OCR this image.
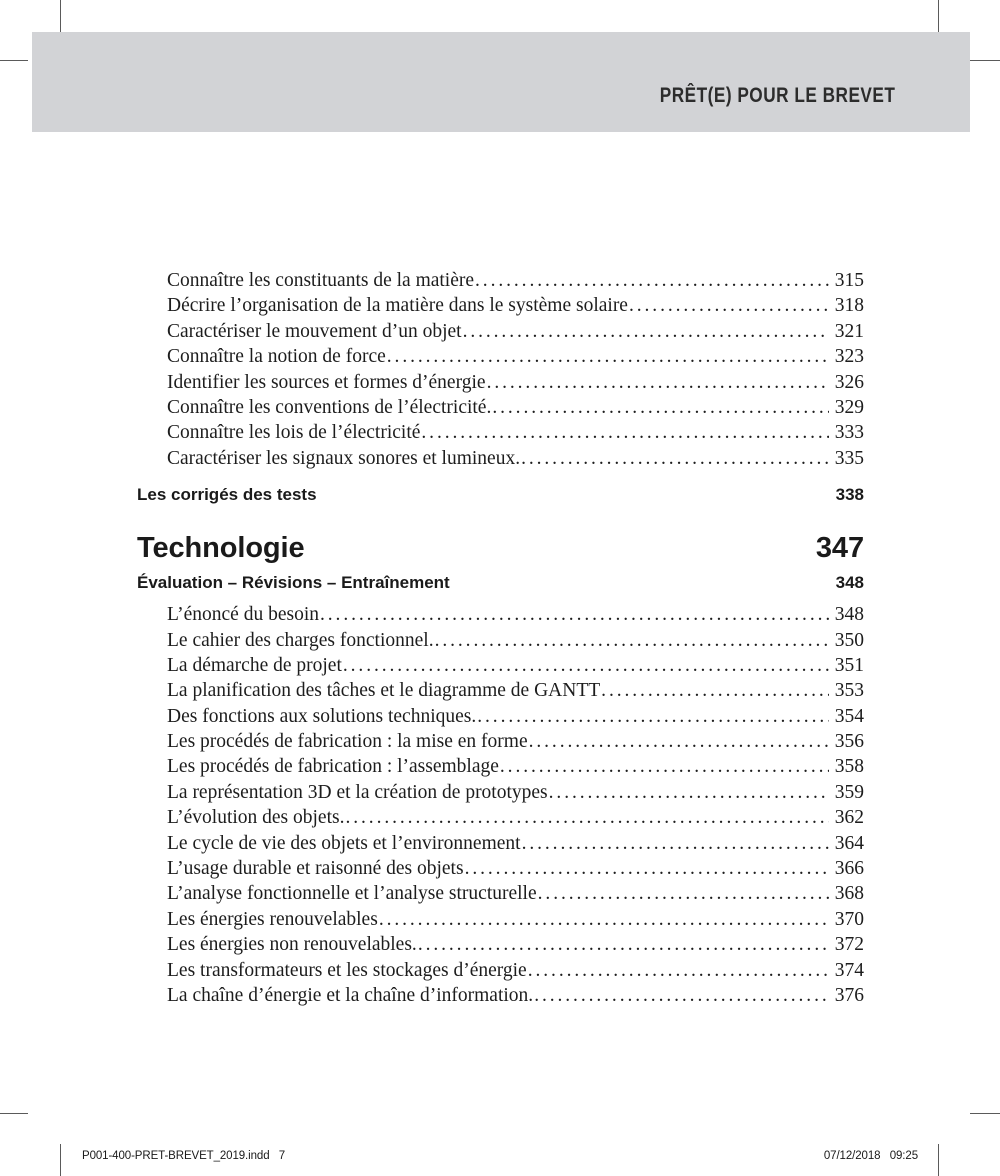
PRÊT(E) POUR LE BREVET
Connaître les constituants de la matière .....	315
Décrire l’organisation de la matière dans le système solaire .....	318
Caractériser le mouvement d’un objet .....	321
Connaître la notion de force .....	323
Identifier les sources et formes d’énergie .....	326
Connaître les conventions de l’électricité. .....	329
Connaître les lois de l’électricité .....	333
Caractériser les signaux sonores et lumineux. .....	335
Les corrigés des tests	338
Technologie	347
Évaluation – Révisions – Entraînement	348
L’énoncé du besoin .....	348
Le cahier des charges fonctionnel. .....	350
La démarche de projet .....	351
La planification des tâches et le diagramme de GANTT .....	353
Des fonctions aux solutions techniques. .....	354
Les procédés de fabrication : la mise en forme .....	356
Les procédés de fabrication : l’assemblage .....	358
La représentation 3D et la création de prototypes .....	359
L’évolution des objets. .....	362
Le cycle de vie des objets et l’environnement .....	364
L’usage durable et raisonné des objets .....	366
L’analyse fonctionnelle et l’analyse structurelle .....	368
Les énergies renouvelables .....	370
Les énergies non renouvelables. .....	372
Les transformateurs et les stockages d’énergie .....	374
La chaîne d’énergie et la chaîne d’information. .....	376
P001-400-PRET-BREVET_2019.indd   7	07/12/2018   09:25
